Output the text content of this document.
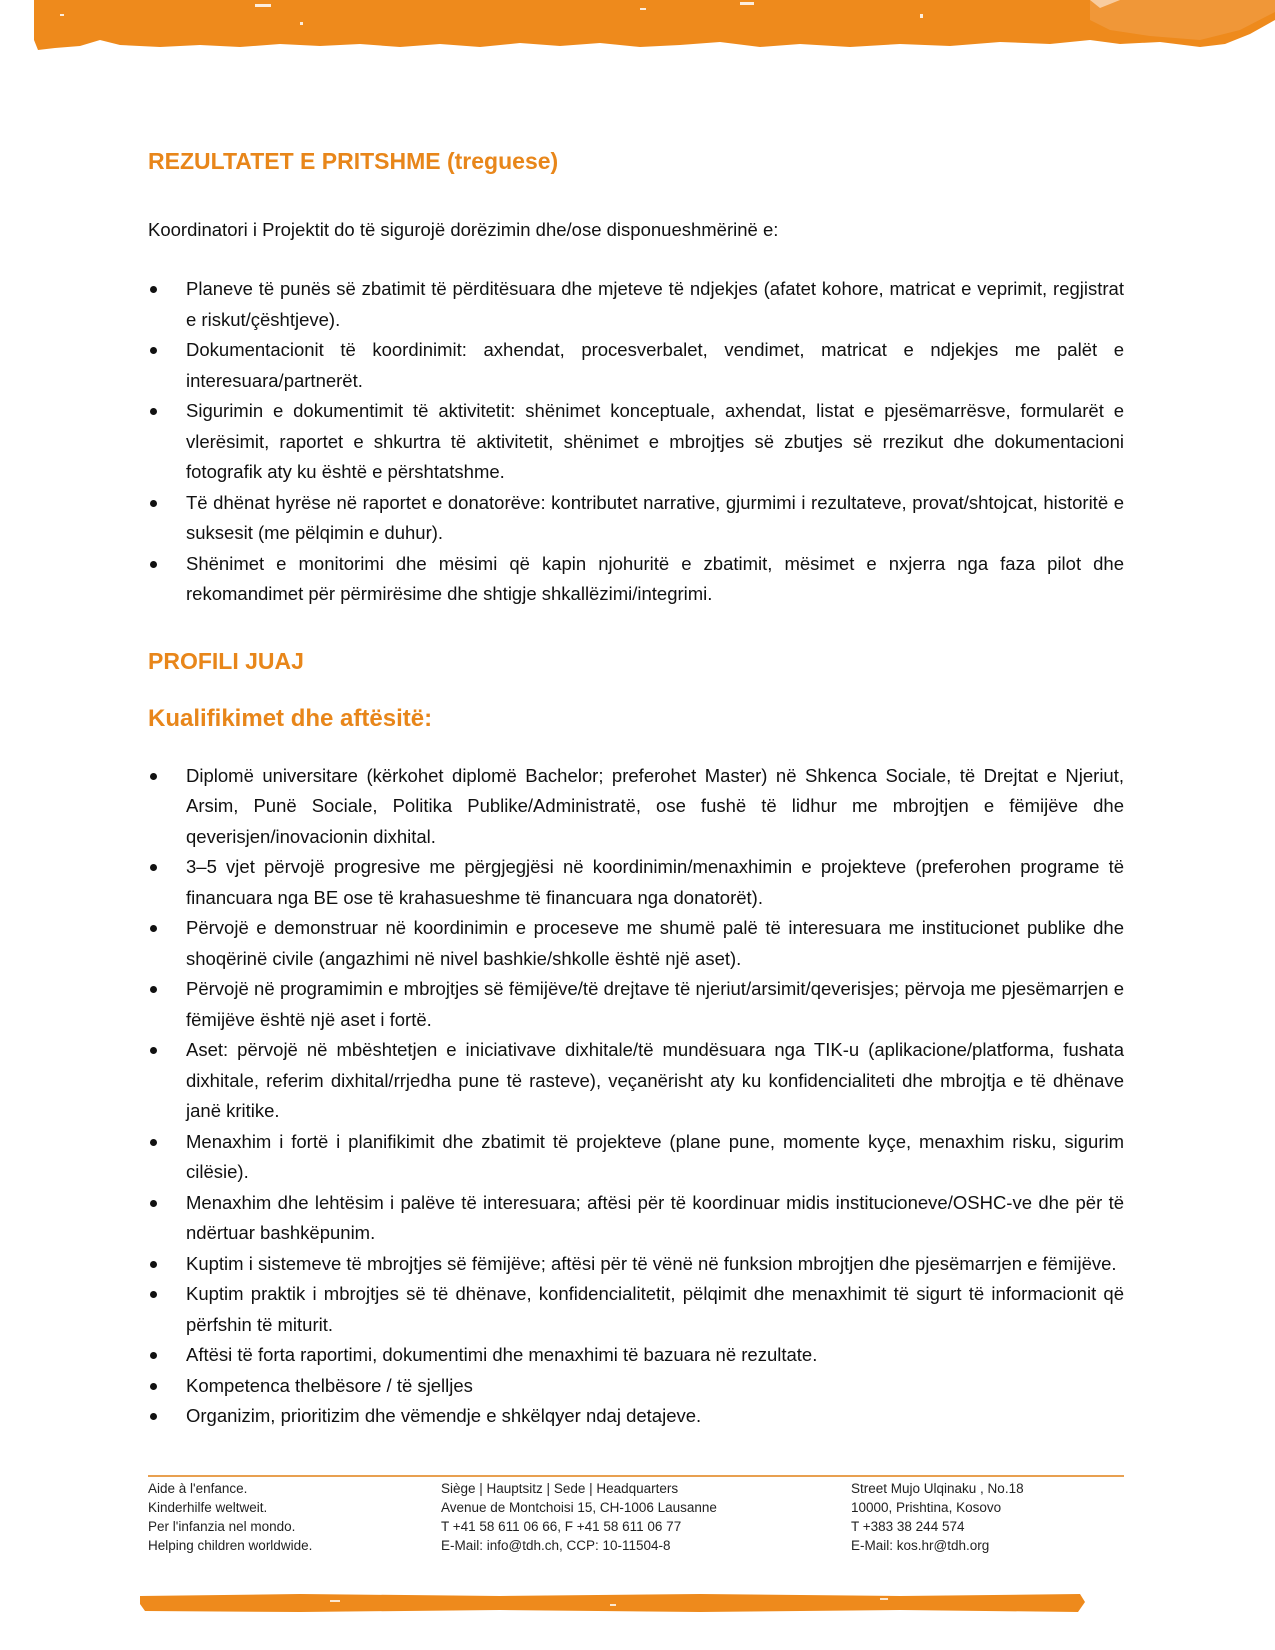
REZULTATET E PRITSHME (treguese)

Koordinatori i Projektit do të sigurojë dorëzimin dhe/ose disponueshmërinë e:

Planeve të punës së zbatimit të përditësuara dhe mjeteve të ndjekjes (afatet kohore, matricat e veprimit, regjistrat e riskut/çështjeve).
Dokumentacionit të koordinimit: axhendat, procesverbalet, vendimet, matricat e ndjekjes me palët e interesuara/partnerët.
Sigurimin e dokumentimit të aktivitetit: shënimet konceptuale, axhendat, listat e pjesëmarrësve, formularët e vlerësimit, raportet e shkurtra të aktivitetit, shënimet e mbrojtjes së zbutjes së rrezikut dhe dokumentacioni fotografik aty ku është e përshtatshme.
Të dhënat hyrëse në raportet e donatorëve: kontributet narrative, gjurmimi i rezultateve, provat/shtojcat, historitë e suksesit (me pëlqimin e duhur).
Shënimet e monitorimi dhe mësimi që kapin njohuritë e zbatimit, mësimet e nxjerra nga faza pilot dhe rekomandimet për përmirësime dhe shtigje shkallëzimi/integrimi.
PROFILI JUAJ
Kualifikimet dhe aftësitë:
Diplomë universitare (kërkohet diplomë Bachelor; preferohet Master) në Shkenca Sociale, të Drejtat e Njeriut, Arsim, Punë Sociale, Politika Publike/Administratë, ose fushë të lidhur me mbrojtjen e fëmijëve dhe qeverisjen/inovacionin dixhital.
3–5 vjet përvojë progresive me përgjegjësi në koordinimin/menaxhimin e projekteve (preferohen programe të financuara nga BE ose të krahasueshme të financuara nga donatorët).
Përvojë e demonstruar në koordinimin e proceseve me shumë palë të interesuara me institucionet publike dhe shoqërinë civile (angazhimi në nivel bashkie/shkolle është një aset).
Përvojë në programimin e mbrojtjes së fëmijëve/të drejtave të njeriut/arsimit/qeverisjes; përvoja me pjesëmarrjen e fëmijëve është një aset i fortë.
Aset: përvojë në mbështetjen e iniciativave dixhitale/të mundësuara nga TIK-u (aplikacione/platforma, fushata dixhitale, referim dixhital/rrjedha pune të rasteve), veçanërisht aty ku konfidencialiteti dhe mbrojtja e të dhënave janë kritike.
Menaxhim i fortë i planifikimit dhe zbatimit të projekteve (plane pune, momente kyçe, menaxhim risku, sigurim cilësie).
Menaxhim dhe lehtësim i palëve të interesuara; aftësi për të koordinuar midis institucioneve/OSHC-ve dhe për të ndërtuar bashkëpunim.
Kuptim i sistemeve të mbrojtjes së fëmijëve; aftësi për të vënë në funksion mbrojtjen dhe pjesëmarrjen e fëmijëve.
Kuptim praktik i mbrojtjes së të dhënave, konfidencialitetit, pëlqimit dhe menaxhimit të sigurt të informacionit që përfshin të miturit.
Aftësi të forta raportimi, dokumentimi dhe menaxhimi të bazuara në rezultate.
Kompetenca thelbësore / të sjelljes
Organizim, prioritizim dhe vëmendje e shkëlqyer ndaj detajeve.
Aide à l'enfance.
Kinderhilfe weltweit.
Per l'infanzia nel mondo.
Helping children worldwide.
Siège | Hauptsitz | Sede | Headquarters
Avenue de Montchoisi 15, CH-1006 Lausanne
T +41 58 611 06 66, F +41 58 611 06 77
E-Mail: info@tdh.ch, CCP: 10-11504-8
Street Mujo Ulqinaku , No.18
10000, Prishtina, Kosovo
T +383 38 244 574
E-Mail: kos.hr@tdh.org
